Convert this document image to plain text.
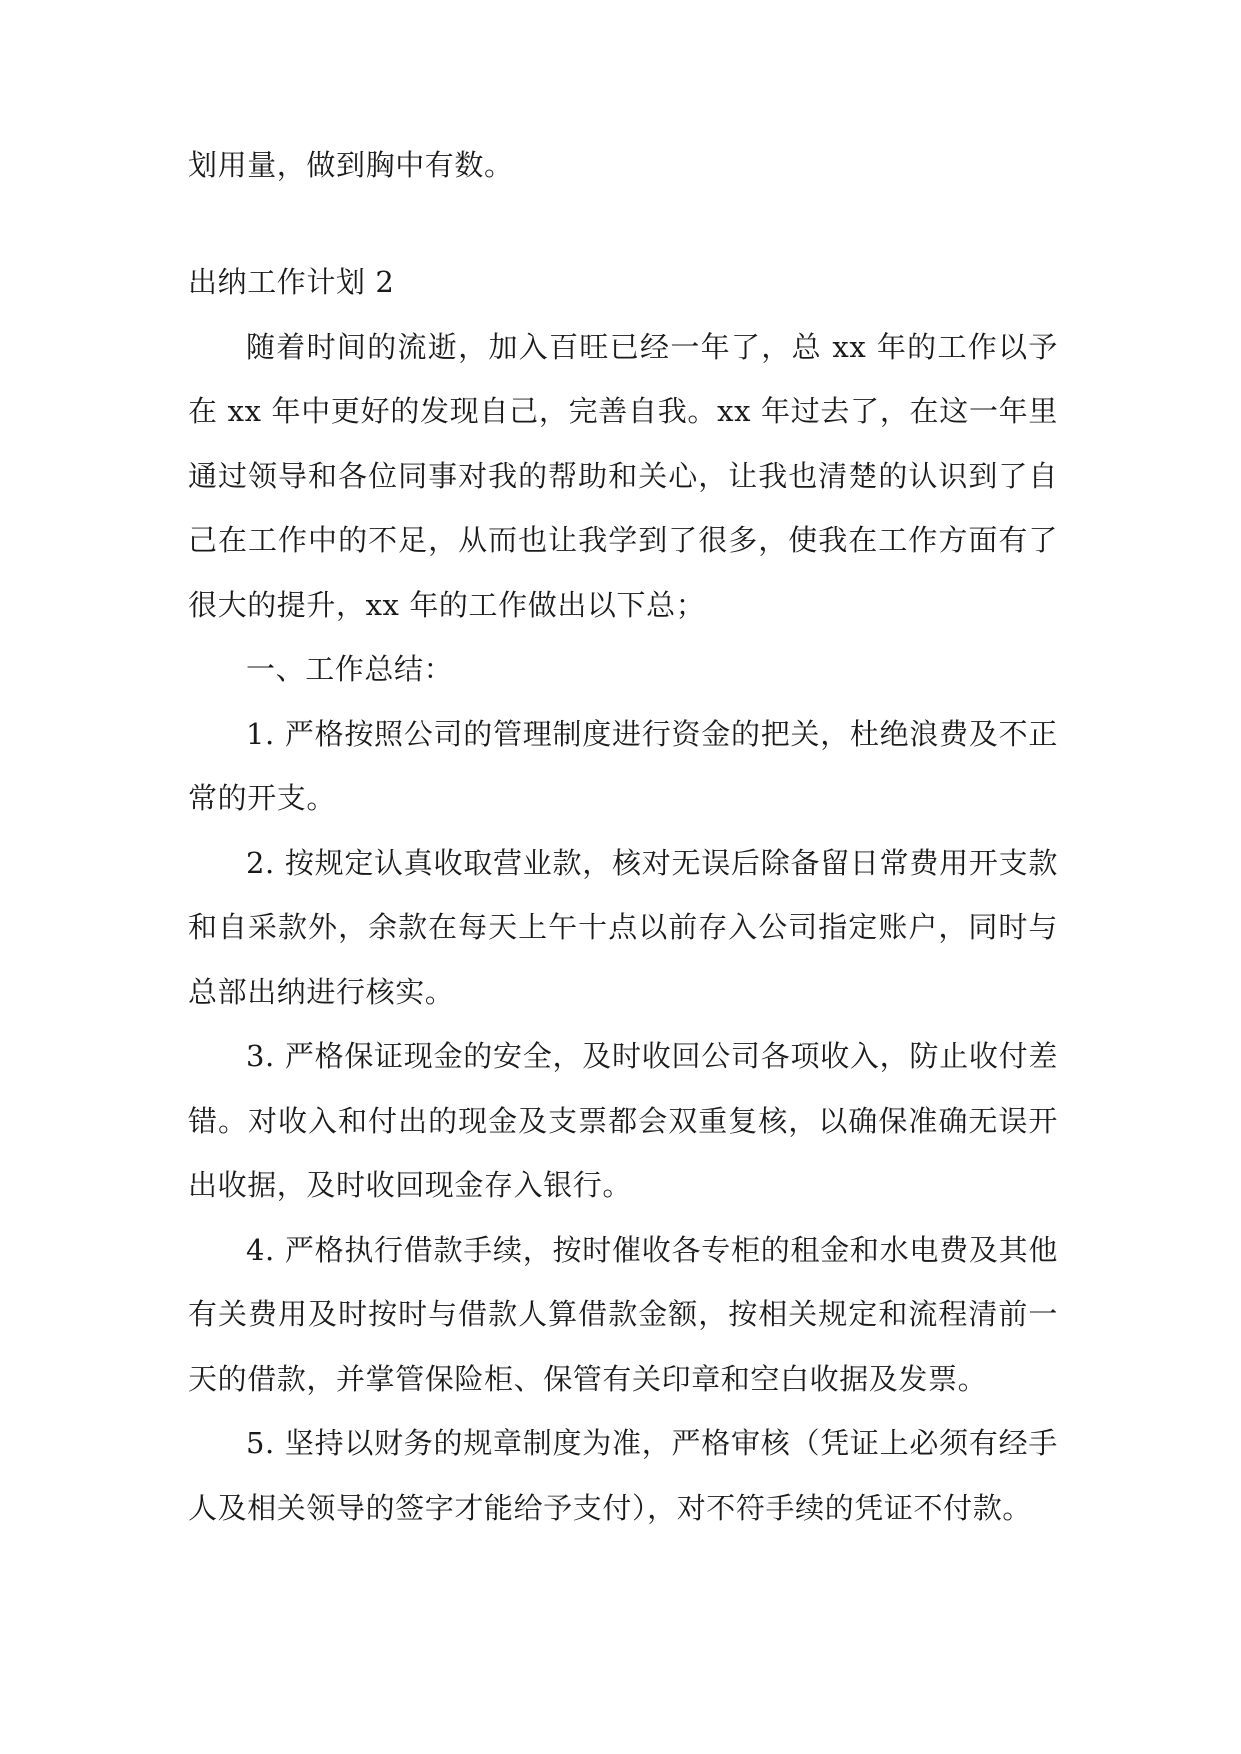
划用量，做到胸中有数。

出纳工作计划 2

随着时间的流逝，加入百旺已经一年了，总 xx 年的工作以予在 xx 年中更好的发现自己，完善自我。xx 年过去了，在这一年里通过领导和各位同事对我的帮助和关心，让我也清楚的认识到了自己在工作中的不足，从而也让我学到了很多，使我在工作方面有了很大的提升，xx 年的工作做出以下总；

一、工作总结：

1. 严格按照公司的管理制度进行资金的把关，杜绝浪费及不正常的开支。

2. 按规定认真收取营业款，核对无误后除备留日常费用开支款和自采款外，余款在每天上午十点以前存入公司指定账户，同时与总部出纳进行核实。

3. 严格保证现金的安全，及时收回公司各项收入，防止收付差错。对收入和付出的现金及支票都会双重复核，以确保准确无误开出收据，及时收回现金存入银行。

4. 严格执行借款手续，按时催收各专柜的租金和水电费及其他有关费用及时按时与借款人算借款金额，按相关规定和流程清前一天的借款，并掌管保险柜、保管有关印章和空白收据及发票。

5. 坚持以财务的规章制度为准，严格审核（凭证上必须有经手人及相关领导的签字才能给予支付），对不符手续的凭证不付款。
